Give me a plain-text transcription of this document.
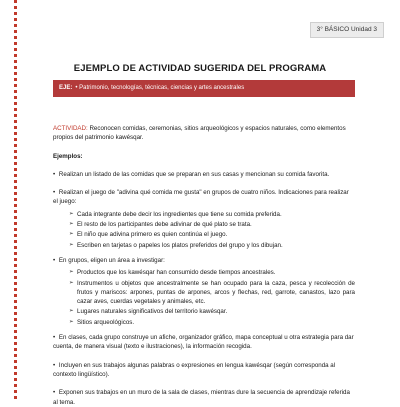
3° BÁSICO Unidad 3
EJEMPLO DE ACTIVIDAD SUGERIDA DEL PROGRAMA
EJE: • Patrimonio, tecnologías, técnicas, ciencias y artes ancestrales

ACTIVIDAD: Reconocen comidas, ceremonias, sitios arqueológicos y espacios naturales, como elementos propios del patrimonio kawésqar.

Ejemplos:

• Realizan un listado de las comidas que se preparan en sus casas y mencionan su comida favorita.

• Realizan el juego de "adivina qué comida me gusta" en grupos de cuatro niños. Indicaciones para realizar el juego:

➢ Cada integrante debe decir los ingredientes que tiene su comida preferida.
➢ El resto de los participantes debe adivinar de qué plato se trata.
➢ El niño que adivina primero es quien continúa el juego.
➢ Escriben en tarjetas o papeles los platos preferidos del grupo y los dibujan.

• En grupos, eligen un área a investigar:

➢ Productos que los kawésqar han consumido desde tiempos ancestrales.
➢ Instrumentos u objetos que ancestralmente se han ocupado para la caza, pesca y recolección de frutos y mariscos: arpones, puntas de arpones, arcos y flechas, red, garrote, canastos, lazo para cazar aves, cuerdas vegetales y animales, etc.
➢ Lugares naturales significativos del territorio kawésqar.
➢ Sitios arqueológicos.

• En clases, cada grupo construye un afiche, organizador gráfico, mapa conceptual u otra estrategia para dar cuenta, de manera visual (texto e ilustraciones), la información recogida.

• Incluyen en sus trabajos algunas palabras o expresiones en lengua kawésqar (según corresponda al contexto lingüístico).

• Exponen sus trabajos en un muro de la sala de clases, mientras dure la secuencia de aprendizaje referida al tema.
